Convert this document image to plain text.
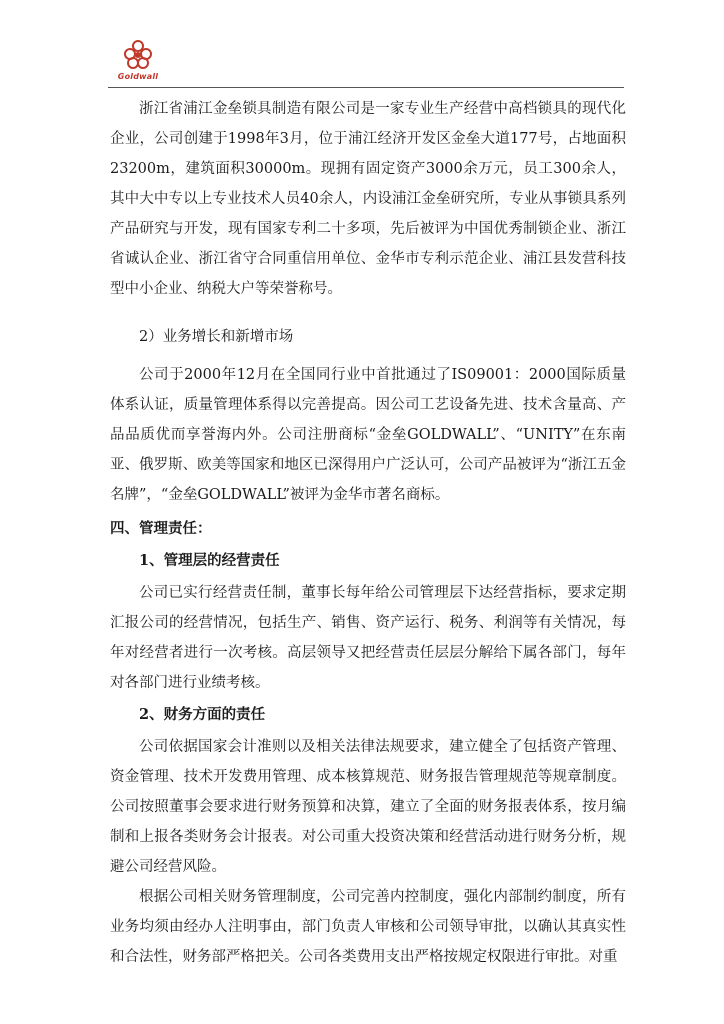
Goldwall

浙江省浦江金垒锁具制造有限公司是一家专业生产经营中高档锁具的现代化企业，公司创建于1998年3月，位于浦江经济开发区金垒大道177号，占地面积23200m，建筑面积30000m。现拥有固定资产3000余万元，员工300余人，其中大中专以上专业技术人员40余人，内设浦江金垒研究所，专业从事锁具系列产品研究与开发，现有国家专利二十多项，先后被评为中国优秀制锁企业、浙江省诚认企业、浙江省守合同重信用单位、金华市专利示范企业、浦江县发营科技型中小企业、纳税大户等荣誉称号。

2）业务增长和新增市场

公司于2000年12月在全国同行业中首批通过了IS09001：2000国际质量体系认证，质量管理体系得以完善提高。因公司工艺设备先进、技术含量高、产品品质优而享誉海内外。公司注册商标“金垒GOLDWALL”、“UNITY”在东南亚、俄罗斯、欧美等国家和地区已深得用户广泛认可，公司产品被评为“浙江五金名牌”，“金垒GOLDWALL”被评为金华市著名商标。

四、管理责任：

1、管理层的经营责任

公司已实行经营责任制，董事长每年给公司管理层下达经营指标，要求定期汇报公司的经营情况，包括生产、销售、资产运行、税务、利润等有关情况，每年对经营者进行一次考核。高层领导又把经营责任层层分解给下属各部门，每年对各部门进行业绩考核。

2、财务方面的责任

公司依据国家会计准则以及相关法律法规要求，建立健全了包括资产管理、资金管理、技术开发费用管理、成本核算规范、财务报告管理规范等规章制度。公司按照董事会要求进行财务预算和决算，建立了全面的财务报表体系，按月编制和上报各类财务会计报表。对公司重大投资决策和经营活动进行财务分析，规避公司经营风险。

根据公司相关财务管理制度，公司完善内控制度，强化内部制约制度，所有业务均须由经办人注明事由，部门负责人审核和公司领导审批，以确认其真实性和合法性，财务部严格把关。公司各类费用支出严格按规定权限进行审批。对重
